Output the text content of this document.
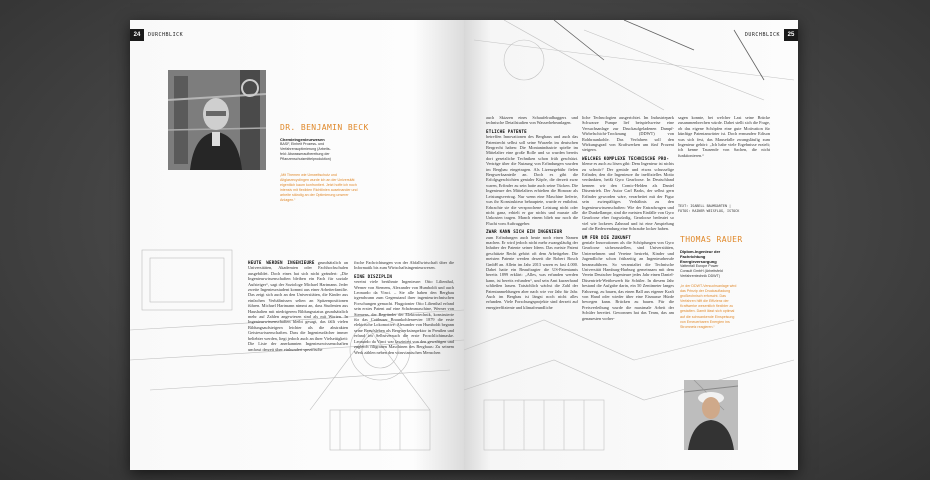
24	DURCHBLICK
DR. BENJAMIN BECK
Chemieingenieurwesen
BASF, Einheit Prozess- und
Verfahrensoptimierung (Arbeits-
feld: Abwasseraufbereitung der
Pflanzenschutzmittelproduktion)
„Mit Themen wie Umweltschutz und Altglasrecyclingen wurde ich an der Universität eigentlich kaum konfrontiert. Jetzt hoffe ich noch intensiv mit flexiblen Richtlinien auseinander und arbeite ständig an der Optimierung unserer Anlagen.“
HEUTE WERDEN INGENIEURE grundsätzlich an Universitäten, Akademien oder Fachhochschulen ausgebildet. Doch eines hat sich nicht geändert: „Die Ingenieurwissenschaften bleiben ein Fach für soziale Aufsteiger“, sagt der Soziologe Michael Hartmann. Jeder zweite Ingenieurstudent kommt aus einer Arbeiterfamilie. Das zeigt sich auch an den Universitäten, die Kinder aus einfachen Verhältnissen selten an Spitzenpositionen führen. Michael Hartmann nimmt an, dass Studenten aus Haushalten mit niedrigerem Bildungsstatus grundsätzlich mehr auf Zahlen angewiesen sind als mit Worten. In Ingenieurwissenschaften bleibt gesagt, das fällt vielen Bildungsaufsteigern leichter als die abstrakten Geisteswissenschaften. Dass die Ingenieurfächer immer beliebter werden, liegt jedoch auch an ihrer Vielseitigkeit: Die Liste der anerkannten Ingenieurwissenschaften umfasst derzeit über einhundert spezifische
fische Fachrichtungen von der Abfallwirtschaft über die Informatik bis zum Wirtschaftsingenieurwesen.
EINE DISZIPLIN
vereint viele berühmte Ingenieure: Otto Lilienthal, Werner von Siemens, Alexander von Humboldt und auch Leonardo da Vinci. – Sie alle haben den Bergbau irgendwann zum Gegenstand ihrer ingenieurtechnischen Forschungen gemacht. Flugpionier Otto Lilienthal erfand sein erstes Patent auf eine Schrämmaschine, Werner von Siemens, der Begründer der Elektrotechnik, konstruierte für das Cottbuser Braunkohlenrevier 1879 die erste elektrische Lokomotive. Alexander von Humboldt begann seine Berufsleben als Bergwerksinspektor in Preußen und erfand im Selbstversuch die erste Froschlichtmaske. Leonardo da Vinci war fasziniert von den gewaltigen und zugleich filigranen Maschinen des Bergbaus: Zu seinem Werk zählen neben den vitruvianischen Menschen
25
DURCHBLICK
auch Skizzen eines Schaufelradbaggers und technische Detailstudien von Wasserhebeanlagen.
ETLICHE PATENTE
betreffen Innovationen des Bergbaus und auch das Patentrecht selbst soll seine Wurzeln im deutschen Bergrecht haben: Die Montanindustrie spielte im Mittelalter eine große Rolle und so wurden bereits dort gesetzliche Techniken schon früh geschützt. Verträge über die Nutzung von Erfindungen wurden im Bergbau eingetragen. Als Lizenzgebühr fielen Bergwerksanteile an. Doch es gibt die Erfolgsgeschichten genialer Köpfe, die derzeit zwar waren, Erfinder zu sein hatte auch seine Tücken. Die Ingenieure des Mittelalters erhielten die Honorar als Leistungsvertrag. Nur wenn eine Maschine lieferte, was ihr Konstrukteur behauptete, wurde er entlohnt. Erbrachte sie die versprochene Leistung nicht oder nicht ganz, erhielt er gar nichts und musste alle Unkosten tragen. Manch einem blieb nur noch die Flucht vom Auftraggeber.
ZWAR KANN SICH EIN INGENIEUR
zum Erfindungen auch heute noch einen Namen machen. Er wird jedoch nicht mehr zwangsläufig der Inhaber der Patente seiner Ideen. Das meiste Patent geschützte Recht gehört oft dem Arbeitgeber. Die meisten Patente werden derzeit die Robert Bosch GmbH an. Allein im Jahr 2013 waren es fast 4.000. Dabei hatte ein Beauftragter die US-Patentamts bereits 1899 erklärt: „Alles, was erfunden werden kann, ist bereits erfunden“, und sein Amt kurzerhand schließen lassen. Tatsächlich wächst die Zahl der Patentanmeldungen aber nach wie vor Jahr für Jahr. Auch im Bergbau ist längst noch nicht alles erfunden. Viele Forschungsprojekte sind derzeit auf energieeffiziente und klimafreundliche
liche Technologien ausgerichtet. Im Industriepark Schwarze Pumpe lief beispielsweise eine Versuchsanlage zur Druckaufgeladenen Dampf-Wirbelschicht-Trocknung (DDWT) von Rohbraunkohle. Das Verfahren soll den Wirkungsgrad von Kraftwerken um fünf Prozent steigern.
WELCHES KOMPLEXE TECHNISCHE PRO-
bleme es auch zu lösen gibt: Dem Ingenieur ist nichts zu schwör? Der geniale und etwas schusselige Erfinder, den die Ingenieure ihr ineffizielles Motto verdankten, heißt Gyro Gearloose. In Deutschland kennen wir den Comic-Helden als Daniel Düsentrieb. Der Autor Carl Barks, der selbst gern Erfinder geworden wäre, verarbeitet mit der Figur sein zwiespältiges Verhältnis zu den Ingenieurwissenschaften: Wie der Entradwagen und die Dunkellampe, sind die meisten Einfälle von Gyro Gearloose eher fragwürdig, Gearloose bedeutet so viel wie lockeres Zahnrad und ist eine Anspielung auf die Redewendung eine Schraube locker haben.
UM FÜR DIE ZUKUNFT
geniale Innovationen als die Schöpfungen von Gyro Gearloose sicherzustellen, sind Universitäten, Unternehmen und Vereine bestrebt, Kinder und Jugendliche schon frühzeitig an Ingenieurberufe heranzuführen. So veranstaltet die Technische Universität Hamburg-Harburg gemeinsam mit dem Verein Deutscher Ingenieure jedes Jahr einen Daniel-Düsentrieb-Wettbewerb für Schüler. In diesem Jahr bestand die Aufgabe darin, ein 50 Zentimeter langes Fahrzeug, zu bauen, das einen Ball aus eigener Kraft von Hand oder wieder über eine Eismasse Hürde bewegen kann. Brücken zu bauen. Für die Preisverleihung wurde die maximale Arbeit der Schüler bereitet. Gewonnen hat das Team, das am genauesten vorher-
sagen konnte, bei welcher Last seine Brücke zusammenbrechen würde. Dabei stellt sich die Frage, ob das eigene Schöpfen eine gute Motivation für künftige Patentanwärter ist. Doch ermunderr Edison was sich fest, das Mausefalle zwangsläufig zum Ingenieur gehört: „Ich habe viele Ergebnisse erzielt; ich kenne Tausende von Sachen, die nicht funktionieren.“
TEXT: ISABELL BAUMGARTEN |
FOTOS: RAINER WEISFLOG, ISTOCK
THOMAS RAUER
Diplom-Ingenieur der Fachrichtung Energieversorgung
Vattenfall Europe Power
Consult GmbH (Arbeitsfeld
Verfahrentechnik DDWT)
„In der DDWT-Versuchsanlage wird das Prinzip der Druckaufladung großtechnisch erforscht. Das Verfahren hilft die Effizienz der Kraftwerke wesentlich flexibler zu gestalten. Damit lässt sich optimal auf die schwankende Einspeisung von Erneuerbaren Energien ins Stromnetz reagieren.“
